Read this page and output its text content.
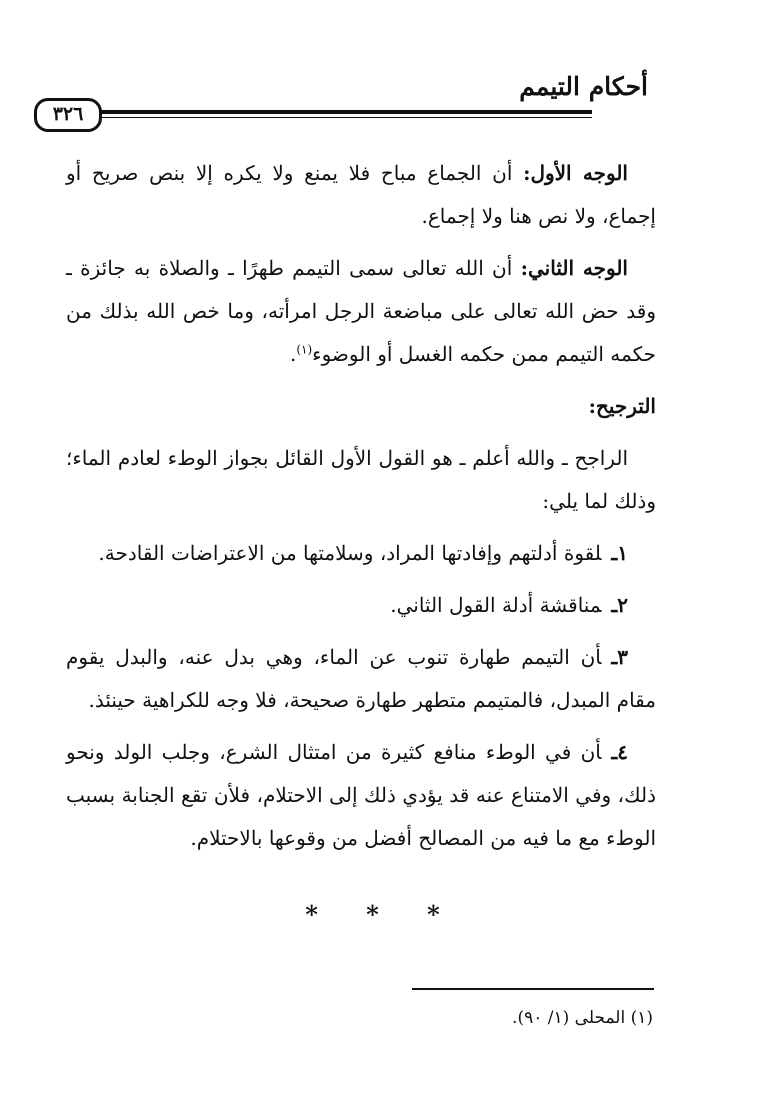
أحكام التيمم
٣٢٦

الوجه الأول: أن الجماع مباح فلا يمنع ولا يكره إلا بنص صريح أو إجماع، ولا نص هنا ولا إجماع.

الوجه الثاني: أن الله تعالى سمى التيمم طهرًا ـ والصلاة به جائزة ـ وقد حض الله تعالى على مباضعة الرجل امرأته، وما خص الله بذلك من حكمه التيمم ممن حكمه الغسل أو الوضوء$^{(١)}$.

الترجيح:

الراجح ـ والله أعلم ـ هو القول الأول القائل بجواز الوطء لعادم الماء؛ وذلك لما يلي:

١ـلقوة أدلتهم وإفادتها المراد، وسلامتها من الاعتراضات القادحة.

٢ـمناقشة أدلة القول الثاني.

٣ـأن التيمم طهارة تنوب عن الماء، وهي بدل عنه، والبدل يقوم مقام المبدل، فالمتيمم متطهر طهارة صحيحة، فلا وجه للكراهية حينئذ.

٤ـأن في الوطء منافع كثيرة من امتثال الشرع، وجلب الولد ونحو ذلك، وفي الامتناع عنه قد يؤدي ذلك إلى الاحتلام، فلأن تقع الجنابة بسبب الوطء مع ما فيه من المصالح أفضل من وقوعها بالاحتلام.

* * *
(١) المحلى (١/ ٩٠).
